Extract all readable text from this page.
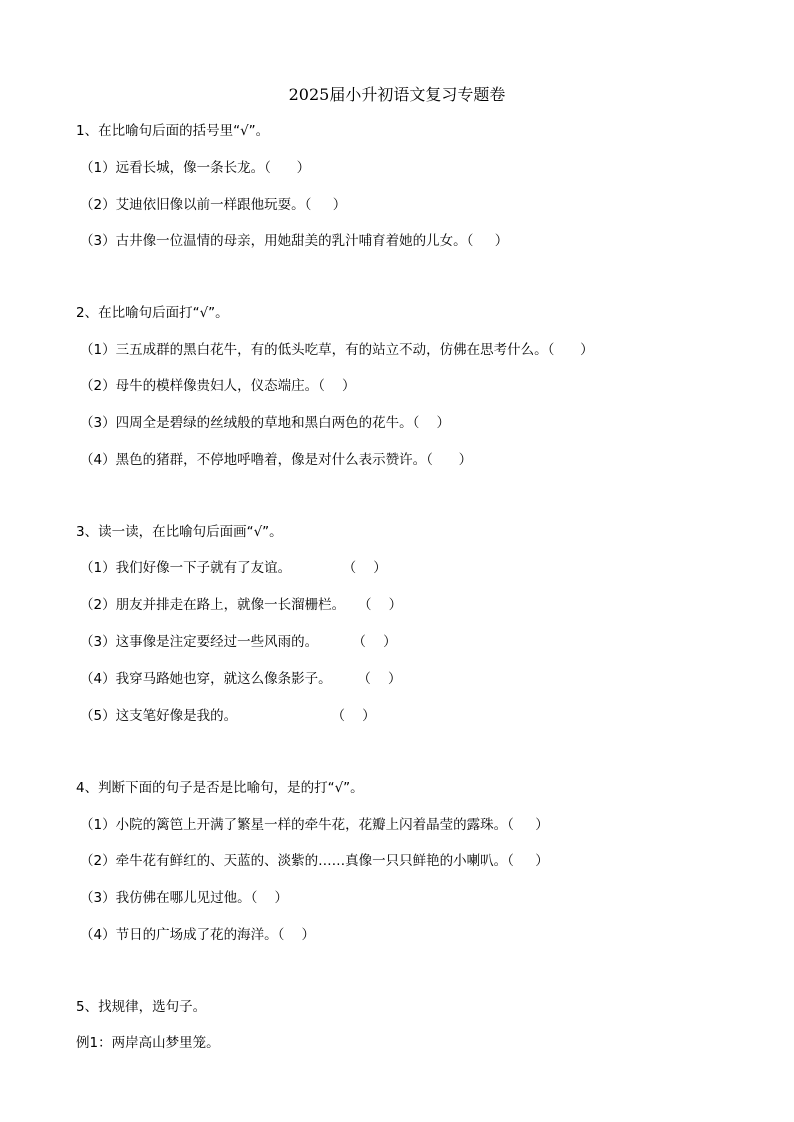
2025届小升初语文复习专题卷
1、在比喻句后面的括号里“√”。
（1）远看长城，像一条长龙。（      ）
（2）艾迪依旧像以前一样跟他玩耍。（     ）
（3）古井像一位温情的母亲，用她甜美的乳汁哺育着她的儿女。（     ）
2、在比喻句后面打“√”。
（1）三五成群的黑白花牛，有的低头吃草，有的站立不动，仿佛在思考什么。（      ）
（2）母牛的模样像贵妇人，仪态端庄。（    ）
（3）四周全是碧绿的丝绒般的草地和黑白两色的花牛。（    ）
（4）黑色的猪群，不停地呼噜着，像是对什么表示赞许。（      ）
3、读一读，在比喻句后面画“√”。
（1）我们好像一下子就有了友谊。            （    ）
（2）朋友并排走在路上，就像一长溜栅栏。   （    ）
（3）这事像是注定要经过一些风雨的。        （    ）
（4）我穿马路她也穿，就这么像条影子。      （    ）
（5）这支笔好像是我的。                      （    ）
4、判断下面的句子是否是比喻句，是的打“√”。
（1）小院的篱笆上开满了繁星一样的牵牛花，花瓣上闪着晶莹的露珠。（     ）
（2）牵牛花有鲜红的、天蓝的、淡紫的……真像一只只鲜艳的小喇叭。（     ）
（3）我仿佛在哪儿见过他。（    ）
（4）节日的广场成了花的海洋。（    ）
5、找规律，选句子。
例1：两岸高山梦里笼。
